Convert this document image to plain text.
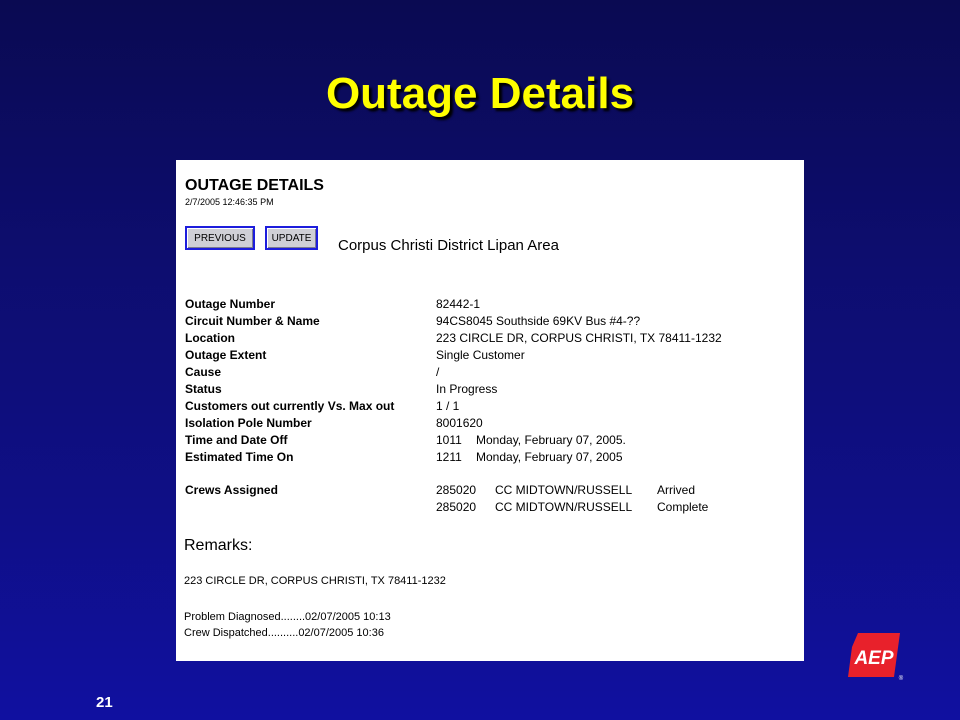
Outage Details
OUTAGE DETAILS
2/7/2005 12:46:35 PM
PREVIOUS	UPDATE	Corpus Christi District Lipan Area
Outage Number	82442-1
Circuit Number & Name	94CS8045 Southside 69KV Bus #4-??
Location	223 CIRCLE DR, CORPUS CHRISTI, TX 78411-1232
Outage Extent	Single Customer
Cause	/
Status	In Progress
Customers out currently Vs. Max out	1 / 1
Isolation Pole Number	8001620
Time and Date Off	1011 Monday, February 07, 2005.
Estimated Time On	1211 Monday, February 07, 2005
Crews Assigned	285020 CC MIDTOWN/RUSSELL Arrived
285020 CC MIDTOWN/RUSSELL Complete
Remarks:
223 CIRCLE DR, CORPUS CHRISTI, TX 78411-1232
Problem Diagnosed........02/07/2005 10:13
Crew Dispatched..........02/07/2005 10:36
21
AEP
®
